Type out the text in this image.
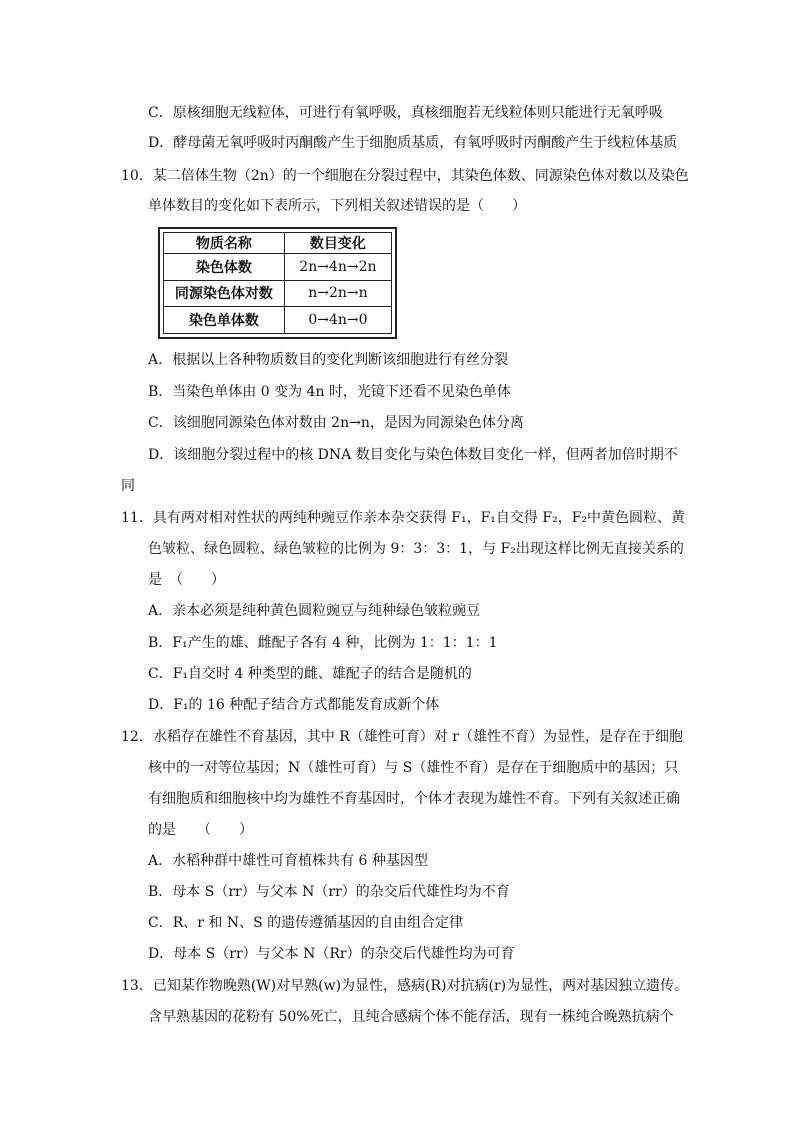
C．原核细胞无线粒体，可进行有氧呼吸，真核细胞若无线粒体则只能进行无氧呼吸
D．酵母菌无氧呼吸时丙酮酸产生于细胞质基质，有氧呼吸时丙酮酸产生于线粒体基质
10．某二倍体生物（2n）的一个细胞在分裂过程中，其染色体数、同源染色体对数以及染色
单体数目的变化如下表所示，下列相关叙述错误的是（　　）
物质名称	数目变化
染色体数	2n→4n→2n
同源染色体对数	n→2n→n
染色单体数	0→4n→0
A．根据以上各种物质数目的变化判断该细胞进行有丝分裂
B．当染色单体由 0 变为 4n 时，光镜下还看不见染色单体
C．该细胞同源染色体对数由 2n→n，是因为同源染色体分离
D．该细胞分裂过程中的核 DNA 数目变化与染色体数目变化一样，但两者加倍时期不
同
11．具有两对相对性状的两纯种豌豆作亲本杂交获得 F₁，F₁自交得 F₂，F₂中黄色圆粒、黄
色皱粒、绿色圆粒、绿色皱粒的比例为 9：3：3：1，与 F₂出现这样比例无直接关系的
是　（　　）
A．亲本必须是纯种黄色圆粒豌豆与纯种绿色皱粒豌豆
B．F₁产生的雄、雌配子各有 4 种，比例为 1：1：1：1
C．F₁自交时 4 种类型的雌、雄配子的结合是随机的
D．F₁的 16 种配子结合方式都能发育成新个体
12．水稻存在雄性不育基因，其中 R（雄性可育）对 r（雄性不育）为显性，是存在于细胞
核中的一对等位基因；N（雄性可育）与 S（雄性不育）是存在于细胞质中的基因；只
有细胞质和细胞核中均为雄性不育基因时，个体才表现为雄性不育。下列有关叙述正确
的是　　（　　）
A．水稻种群中雄性可育植株共有 6 种基因型
B．母本 S（rr）与父本 N（rr）的杂交后代雄性均为不育
C．R、r 和 N、S 的遗传遵循基因的自由组合定律
D．母本 S（rr）与父本 N（Rr）的杂交后代雄性均为可育
13．已知某作物晚熟(W)对早熟(w)为显性，感病(R)对抗病(r)为显性，两对基因独立遗传。
含早熟基因的花粉有 50%死亡，且纯合感病个体不能存活，现有一株纯合晚熟抗病个
